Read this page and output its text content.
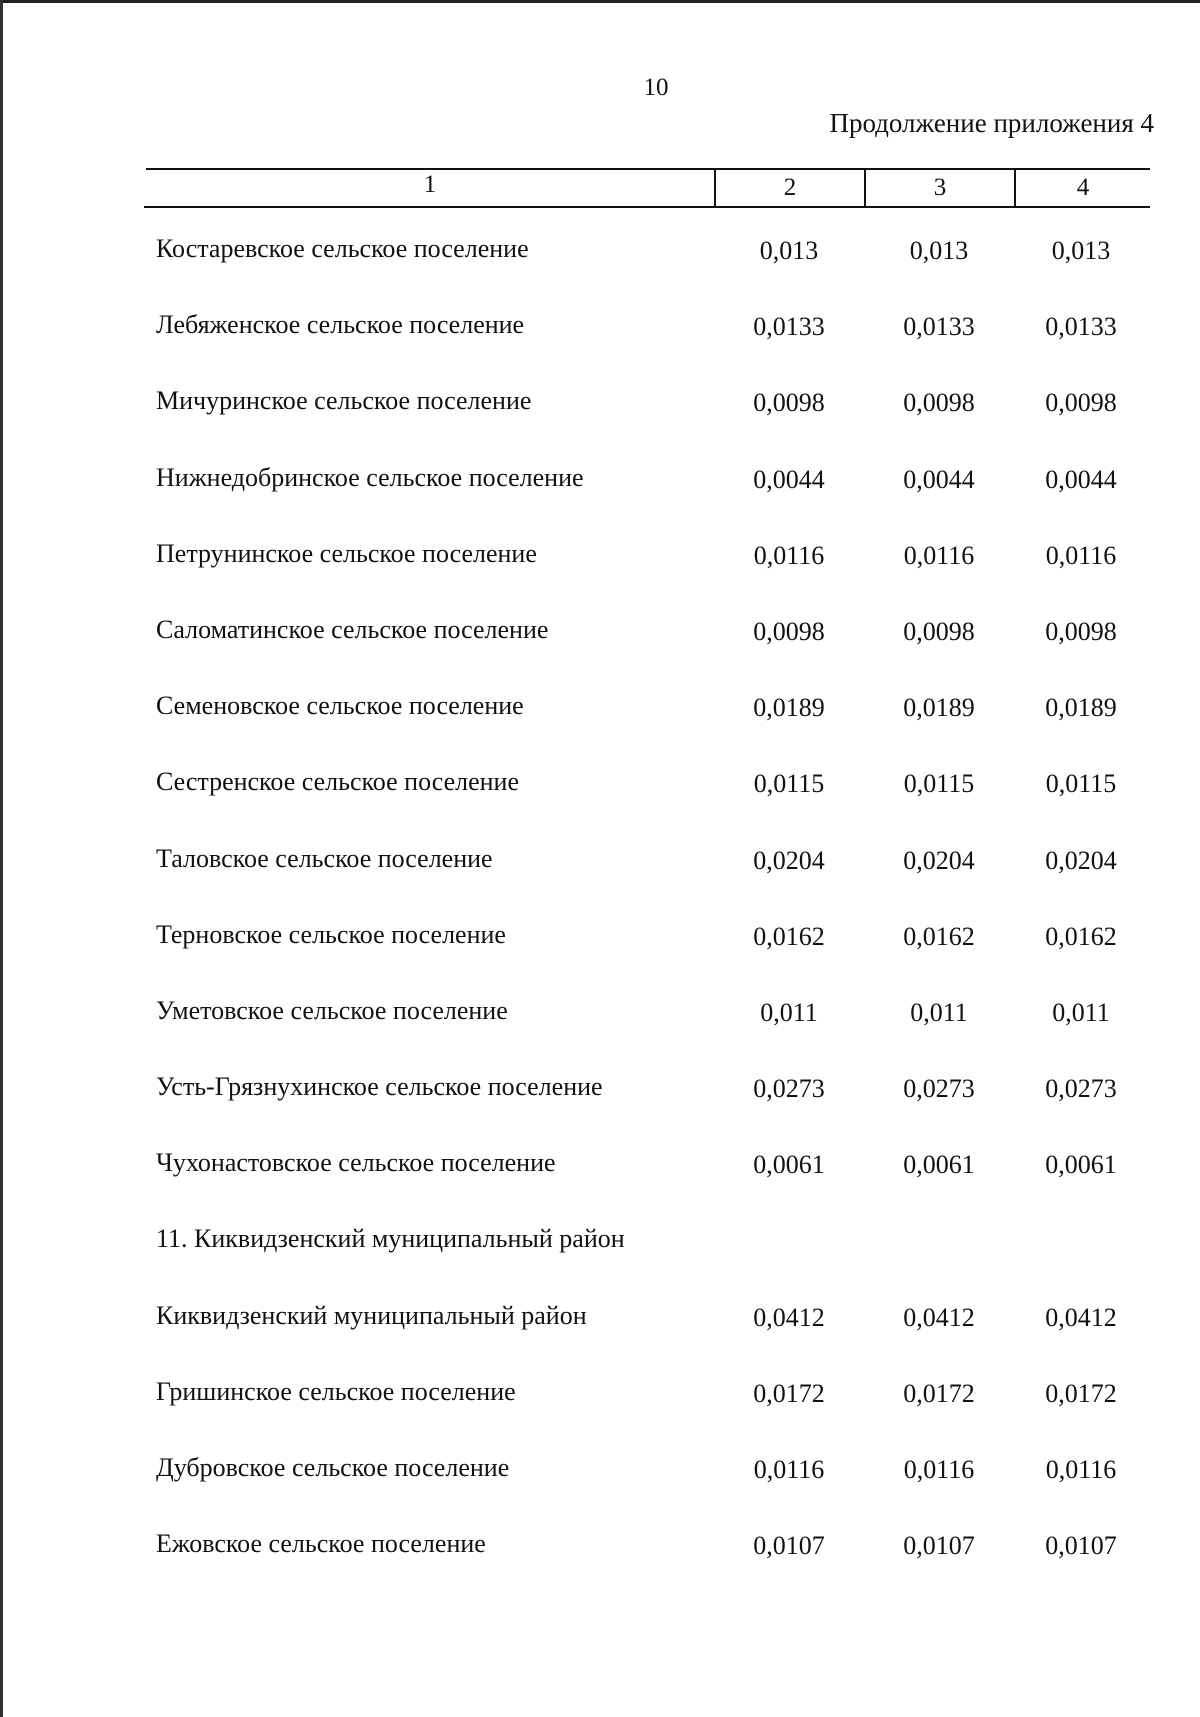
10
Продолжение приложения 4
1	2	3	4
Костаревское сельское поселение	0,013	0,013	0,013
Лебяженское сельское поселение	0,0133	0,0133	0,0133
Мичуринское сельское поселение	0,0098	0,0098	0,0098
Нижнедобринское сельское поселение	0,0044	0,0044	0,0044
Петрунинское сельское поселение	0,0116	0,0116	0,0116
Саломатинское сельское поселение	0,0098	0,0098	0,0098
Семеновское сельское поселение	0,0189	0,0189	0,0189
Сестренское сельское поселение	0,0115	0,0115	0,0115
Таловское сельское поселение	0,0204	0,0204	0,0204
Терновское сельское поселение	0,0162	0,0162	0,0162
Уметовское сельское поселение	0,011	0,011	0,011
Усть-Грязнухинское сельское поселение	0,0273	0,0273	0,0273
Чухонастовское сельское поселение	0,0061	0,0061	0,0061
11. Киквидзенский муниципальный район
Киквидзенский муниципальный район	0,0412	0,0412	0,0412
Гришинское сельское поселение	0,0172	0,0172	0,0172
Дубровское сельское поселение	0,0116	0,0116	0,0116
Ежовское сельское поселение	0,0107	0,0107	0,0107
